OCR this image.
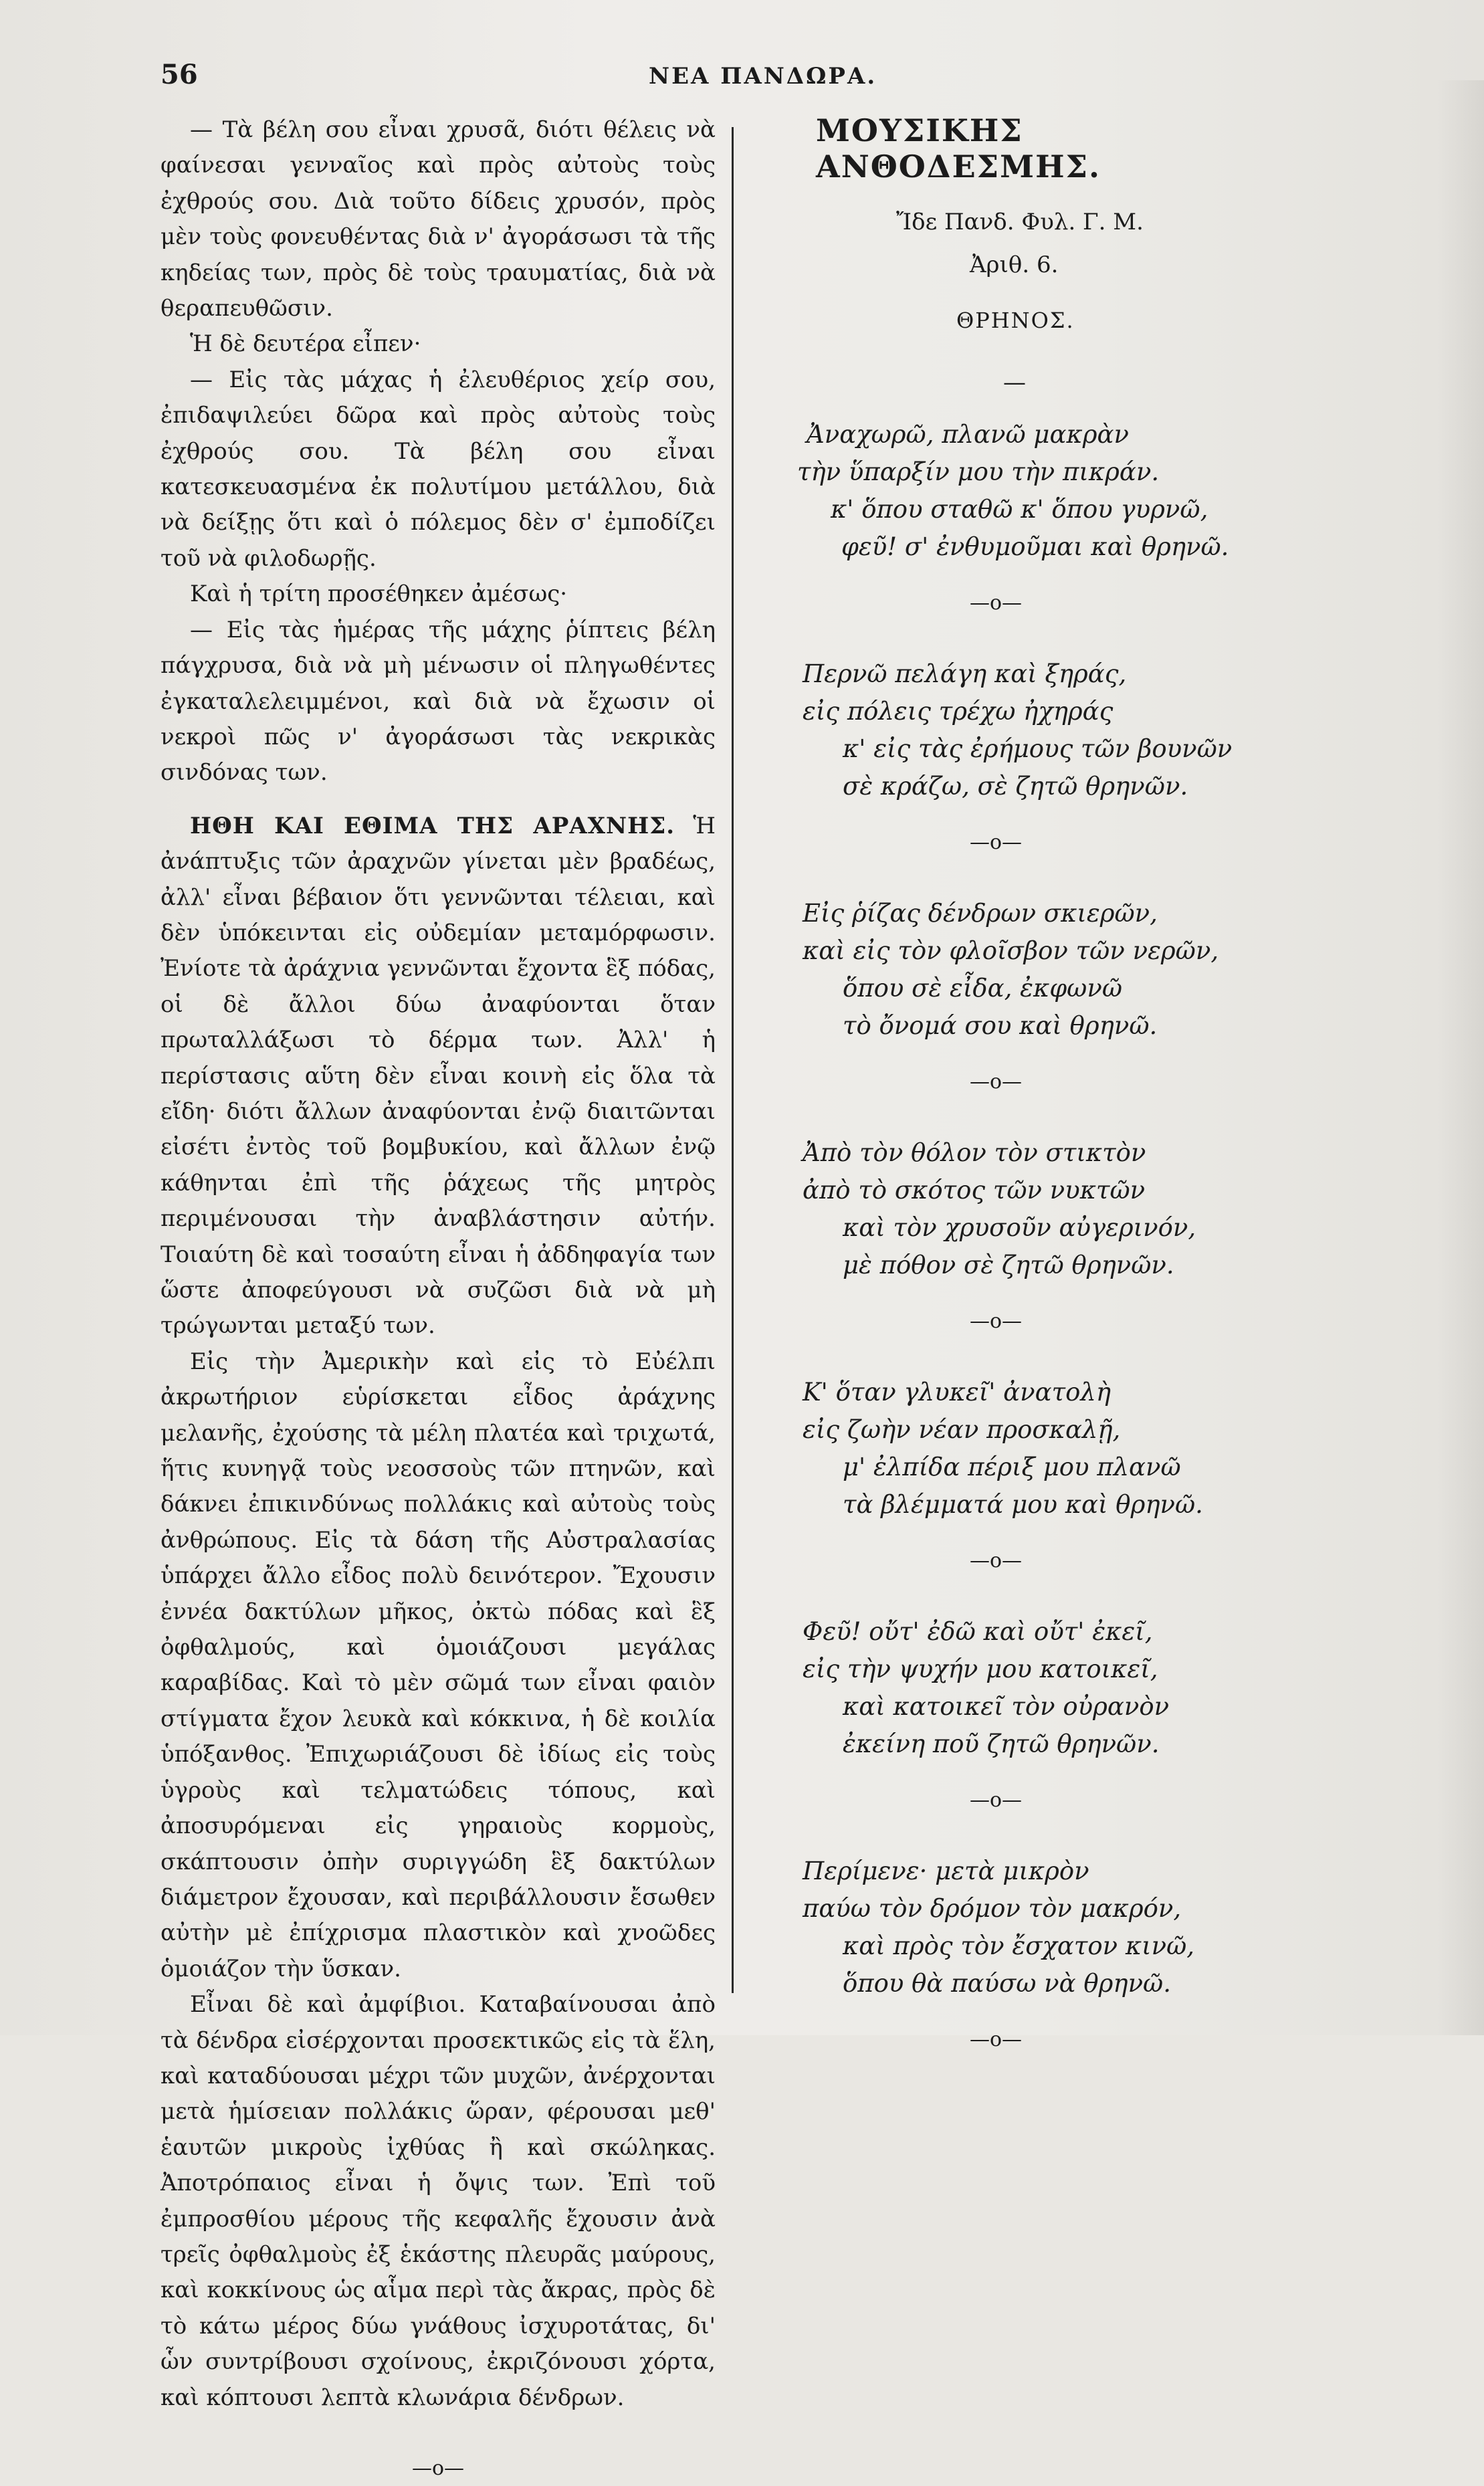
56	ΝΕΑ ΠΑΝΔΩΡΑ.

— Τὰ βέλη σου εἶναι χρυσᾶ, διότι θέλεις νὰ φαίνεσαι γενναῖος καὶ πρὸς αὐτοὺς τοὺς ἐχθρούς σου. Διὰ τοῦτο δίδεις χρυσόν, πρὸς μὲν τοὺς φονευθέντας διὰ ν' ἀγοράσωσι τὰ τῆς κηδείας των, πρὸς δὲ τοὺς τραυματίας, διὰ νὰ θεραπευθῶσιν.

Ἡ δὲ δευτέρα εἶπεν·

— Εἰς τὰς μάχας ἡ ἐλευθέριος χείρ σου, ἐπιδαψιλεύει δῶρα καὶ πρὸς αὐτοὺς τοὺς ἐχθρούς σου. Τὰ βέλη σου εἶναι κατεσκευασμένα ἐκ πολυτίμου μετάλλου, διὰ νὰ δείξῃς ὅτι καὶ ὁ πόλεμος δὲν σ' ἐμποδίζει τοῦ νὰ φιλοδωρῇς.

Καὶ ἡ τρίτη προσέθηκεν ἀμέσως·

— Εἰς τὰς ἡμέρας τῆς μάχης ῥίπτεις βέλη πάγχρυσα, διὰ νὰ μὴ μένωσιν οἱ πληγωθέντες ἐγκαταλελειμμένοι, καὶ διὰ νὰ ἔχωσιν οἱ νεκροὶ πῶς ν' ἀγοράσωσι τὰς νεκρικὰς σινδόνας των.

ΗΘΗ ΚΑΙ ΕΘΙΜΑ ΤΗΣ ΑΡΑΧΝΗΣ. Ἡ ἀνάπτυξις τῶν ἀραχνῶν γίνεται μὲν βραδέως, ἀλλ' εἶναι βέβαιον ὅτι γεννῶνται τέλειαι, καὶ δὲν ὑπόκεινται εἰς οὐδεμίαν μεταμόρφωσιν. Ἐνίοτε τὰ ἀράχνια γεννῶνται ἔχοντα ἓξ πόδας, οἱ δὲ ἄλλοι δύω ἀναφύονται ὅταν πρωταλλάξωσι τὸ δέρμα των. Ἀλλ' ἡ περίστασις αὕτη δὲν εἶναι κοινὴ εἰς ὅλα τὰ εἴδη· διότι ἄλλων ἀναφύονται ἐνῷ διαιτῶνται εἰσέτι ἐντὸς τοῦ βομβυκίου, καὶ ἄλλων ἐνῷ κάθηνται ἐπὶ τῆς ῥάχεως τῆς μητρὸς περιμένουσαι τὴν ἀναβλάστησιν αὐτήν. Τοιαύτη δὲ καὶ τοσαύτη εἶναι ἡ ἀδδηφαγία των ὥστε ἀποφεύγουσι νὰ συζῶσι διὰ νὰ μὴ τρώγωνται μεταξύ των.

Εἰς τὴν Ἀμερικὴν καὶ εἰς τὸ Εὐέλπι ἀκρωτήριον εὑρίσκεται εἶδος ἀράχνης μελανῆς, ἐχούσης τὰ μέλη πλατέα καὶ τριχωτά, ἥτις κυνηγᾷ τοὺς νεοσσοὺς τῶν πτηνῶν, καὶ δάκνει ἐπικινδύνως πολλάκις καὶ αὐτοὺς τοὺς ἀνθρώπους. Εἰς τὰ δάση τῆς Αὐστραλασίας ὑπάρχει ἄλλο εἶδος πολὺ δεινότερον. Ἔχουσιν ἐννέα δακτύλων μῆκος, ὀκτὼ πόδας καὶ ἓξ ὀφθαλμούς, καὶ ὁμοιάζουσι μεγάλας καραβίδας. Καὶ τὸ μὲν σῶμά των εἶναι φαιὸν στίγματα ἔχον λευκὰ καὶ κόκκινα, ἡ δὲ κοιλία ὑπόξανθος. Ἐπιχωριάζουσι δὲ ἰδίως εἰς τοὺς ὑγροὺς καὶ τελματώδεις τόπους, καὶ ἀποσυρόμεναι εἰς γηραιοὺς κορμοὺς, σκάπτουσιν ὀπὴν συριγγώδη ἓξ δακτύλων διάμετρον ἔχουσαν, καὶ περιβάλλουσιν ἔσωθεν αὐτὴν μὲ ἐπίχρισμα πλαστικὸν καὶ χνοῶδες ὁμοιάζον τὴν ὕσκαν.

Εἶναι δὲ καὶ ἀμφίβιοι. Καταβαίνουσαι ἀπὸ τὰ δένδρα εἰσέρχονται προσεκτικῶς εἰς τὰ ἕλη, καὶ καταδύουσαι μέχρι τῶν μυχῶν, ἀνέρχονται μετὰ ἡμίσειαν πολλάκις ὥραν, φέρουσαι μεθ' ἑαυτῶν μικροὺς ἰχθύας ἢ καὶ σκώληκας. Ἀποτρόπαιος εἶναι ἡ ὄψις των. Ἐπὶ τοῦ ἐμπροσθίου μέρους τῆς κεφαλῆς ἔχουσιν ἀνὰ τρεῖς ὀφθαλμοὺς ἐξ ἑκάστης πλευρᾶς μαύρους, καὶ κοκκίνους ὡς αἷμα περὶ τὰς ἄκρας, πρὸς δὲ τὸ κάτω μέρος δύω γνάθους ἰσχυροτάτας, δι' ὧν συντρίβουσι σχοίνους, ἐκριζόνουσι χόρτα, καὶ κόπτουσι λεπτὰ κλωνάρια δένδρων.

—o—
ΜΟΥΣΙΚΗΣ ΑΝΘΟΔΕΣΜΗΣ.
Ἴδε Πανδ. Φυλ. Γ. Μ.
Ἀριθ. 6.
ΘΡΗΝΟΣ.
—
Ἀναχωρῶ, πλανῶ μακρὰν
τὴν ὕπαρξίν μου τὴν πικράν.
κ' ὅπου σταθῶ κ' ὅπου γυρνῶ,
φεῦ! σ' ἐνθυμοῦμαι καὶ θρηνῶ.
—o—
Περνῶ πελάγη καὶ ξηράς,
εἰς πόλεις τρέχω ἠχηράς
κ' εἰς τὰς ἐρήμους τῶν βουνῶν
σὲ κράζω, σὲ ζητῶ θρηνῶν.
—o—
Εἰς ῥίζας δένδρων σκιερῶν,
καὶ εἰς τὸν φλοῖσβον τῶν νερῶν,
ὅπου σὲ εἶδα, ἐκφωνῶ
τὸ ὄνομά σου καὶ θρηνῶ.
—o—
Ἀπὸ τὸν θόλον τὸν στικτὸν
ἀπὸ τὸ σκότος τῶν νυκτῶν
καὶ τὸν χρυσοῦν αὐγερινόν,
μὲ πόθον σὲ ζητῶ θρηνῶν.
—o—
Κ' ὅταν γλυκεῖ' ἀνατολὴ
εἰς ζωὴν νέαν προσκαλῇ,
μ' ἐλπίδα πέριξ μου πλανῶ
τὰ βλέμματά μου καὶ θρηνῶ.
—o—
Φεῦ! οὔτ' ἐδῶ καὶ οὔτ' ἐκεῖ,
εἰς τὴν ψυχήν μου κατοικεῖ,
καὶ κατοικεῖ τὸν οὐρανὸν
ἐκείνη ποῦ ζητῶ θρηνῶν.
—o—
Περίμενε· μετὰ μικρὸν
παύω τὸν δρόμον τὸν μακρόν,
καὶ πρὸς τὸν ἔσχατον κινῶ,
ὅπου θὰ παύσω νὰ θρηνῶ.
—o—
